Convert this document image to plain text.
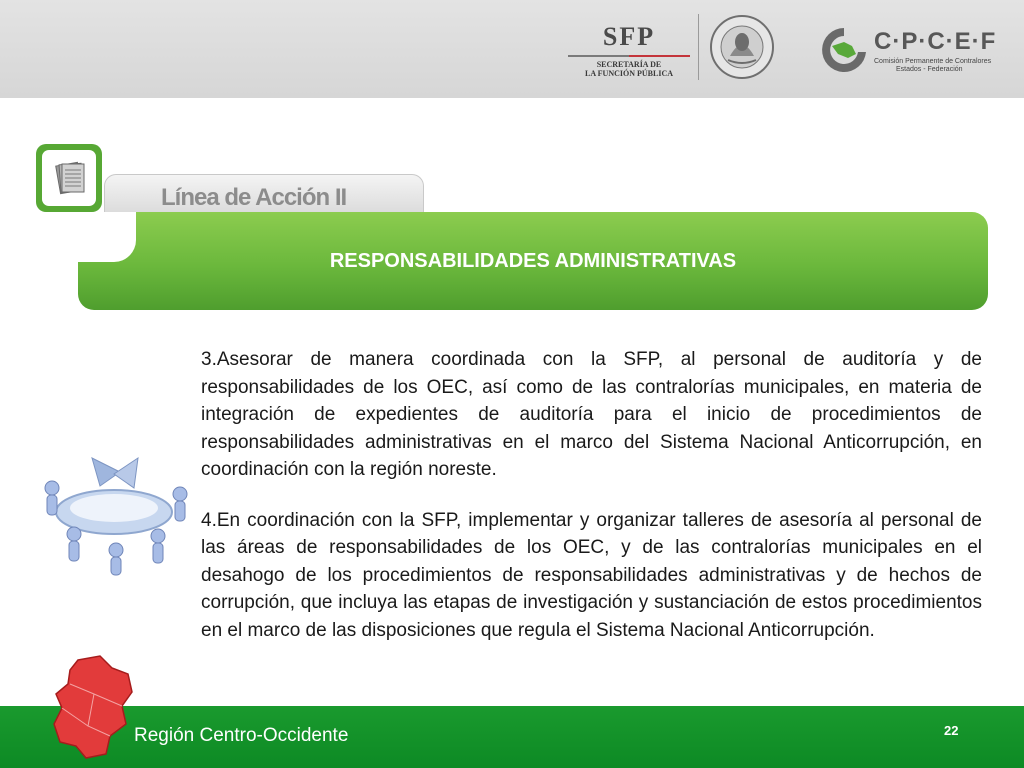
SFP
SECRETARÍA DE
LA FUNCIÓN PÚBLICA
C·P·C·E·F
Comisión Permanente de Contralores
Estados - Federación
Línea de Acción II
RESPONSABILIDADES ADMINISTRATIVAS

3.Asesorar de manera coordinada con la SFP, al personal de auditoría y de responsabilidades de los OEC, así como de las contralorías municipales, en materia de integración de expedientes de auditoría para el inicio de procedimientos de responsabilidades administrativas en el marco del Sistema Nacional Anticorrupción, en coordinación con la región noreste.

4.En coordinación con la SFP, implementar y organizar talleres de asesoría al personal de las áreas de responsabilidades de los OEC, y de las contralorías municipales en el desahogo de los procedimientos de responsabilidades administrativas y de hechos de corrupción, que incluya las etapas de investigación y sustanciación de estos procedimientos en el marco de las disposiciones que regula el Sistema Nacional Anticorrupción.

Región Centro-Occidente	22
